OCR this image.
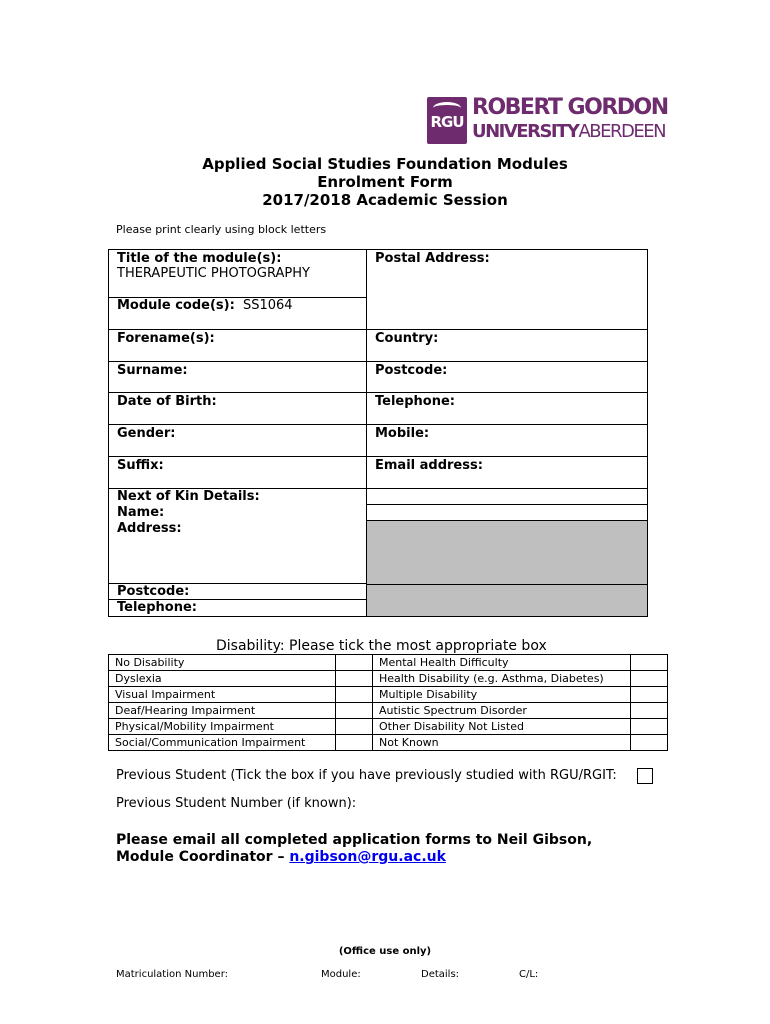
RGU
ROBERT GORDON
UNIVERSITYABERDEEN
Applied Social Studies Foundation Modules
Enrolment Form
2017/2018 Academic Session
Please print clearly using block letters
Title of the module(s):
THERAPEUTIC PHOTOGRAPHY	Postal Address:

Module code(s): SS1064	
Forename(s):	Country:
Surname:	Postcode:
Date of Birth:	Telephone:
Gender:	Mobile:
Suffix:	Email address:

Next of Kin Details:
Name:
Address:
Postcode:
Telephone:	

Disability: Please tick the most appropriate box
No Disability		Mental Health Difficulty	
Dyslexia		Health Disability (e.g. Asthma, Diabetes)	
Visual Impairment		Multiple Disability	
Deaf/Hearing Impairment		Autistic Spectrum Disorder	
Physical/Mobility Impairment		Other Disability Not Listed	
Social/Communication Impairment		Not Known	
Previous Student (Tick the box if you have previously studied with RGU/RGIT:
Previous Student Number (if known):
Please email all completed application forms to Neil Gibson,
Module Coordinator – n.gibson@rgu.ac.uk
(Office use only)
Matriculation Number:	Module:	Details:	C/L:
